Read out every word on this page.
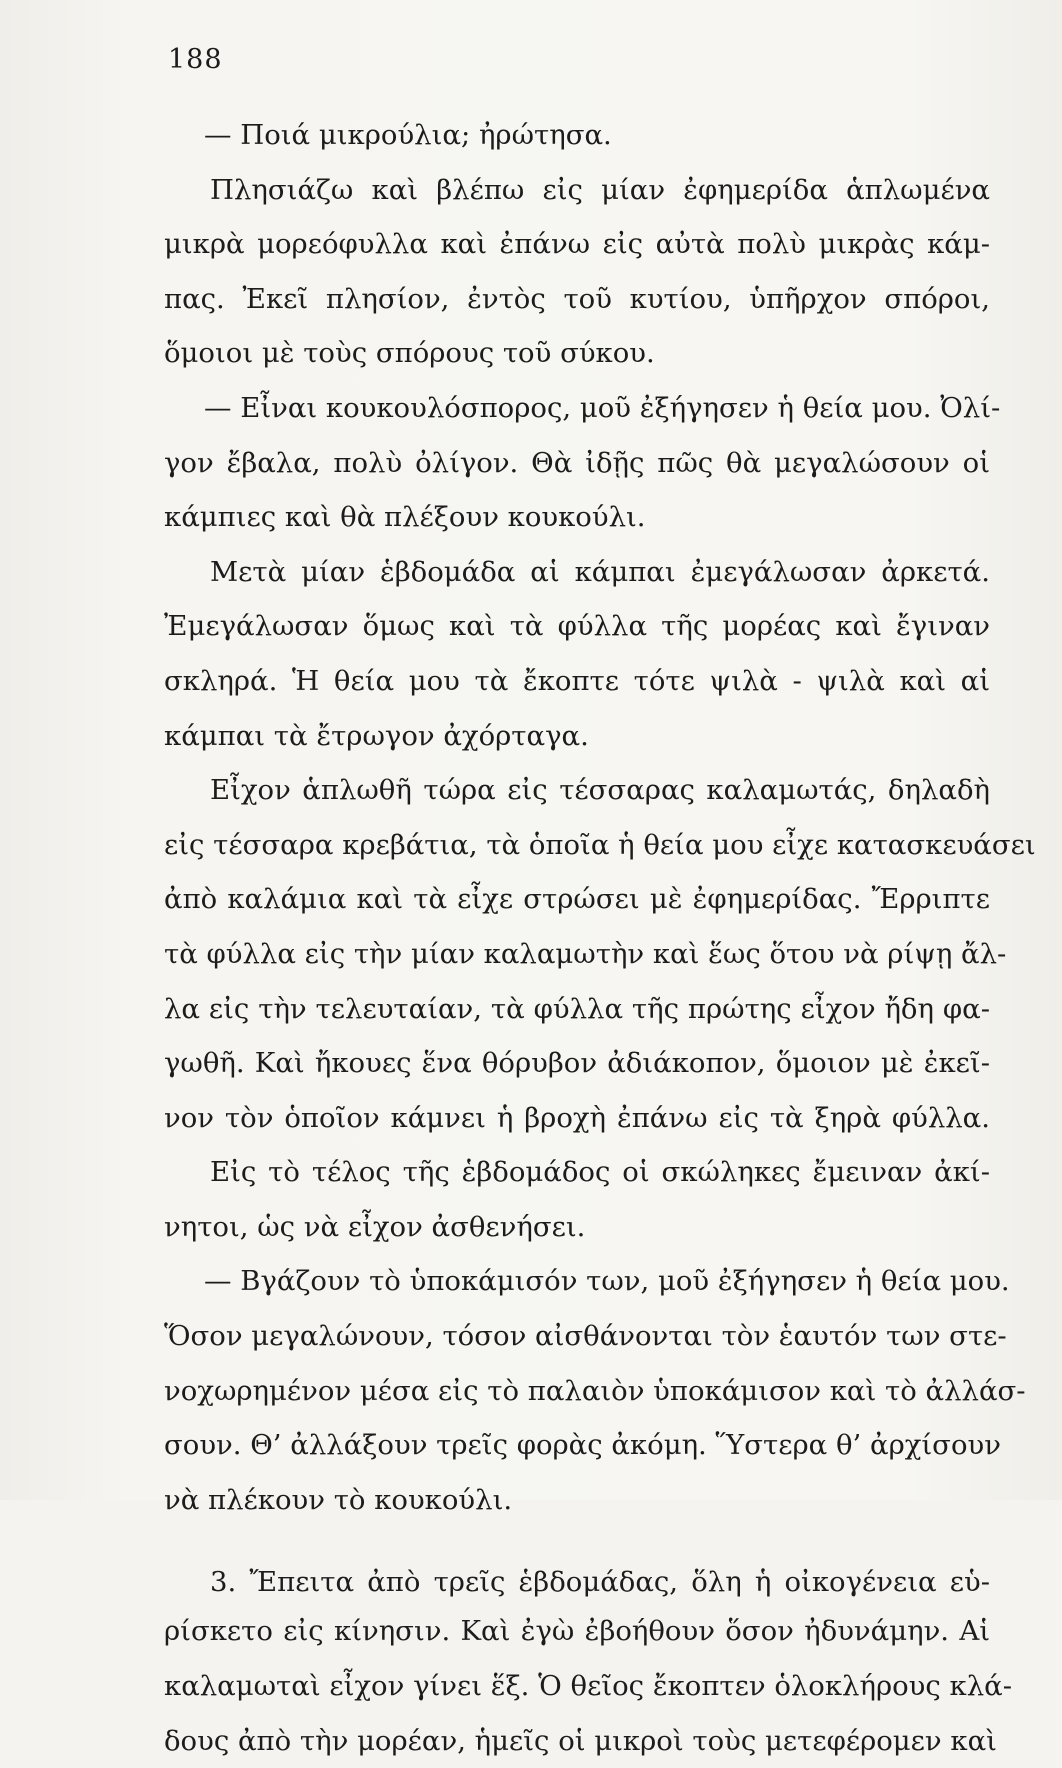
188
— Ποιά μικρούλια; ἠρώτησα.
Πλησιάζω καὶ βλέπω εἰς μίαν ἐφημερίδα ἁπλωμένα
μικρὰ μορεόφυλλα καὶ ἐπάνω εἰς αὐτὰ πολὺ μικρὰς κάμ-
πας. Ἐκεῖ πλησίον, ἐντὸς τοῦ κυτίου, ὑπῆρχον σπόροι,
ὅμοιοι μὲ τοὺς σπόρους τοῦ σύκου.
— Εἶναι κουκουλόσπορος, μοῦ ἐξήγησεν ἡ θεία μου. Ὀλί-
γον ἔβαλα, πολὺ ὀλίγον. Θὰ ἰδῇς πῶς θὰ μεγαλώσουν οἱ
κάμπιες καὶ θὰ πλέξουν κουκούλι.
Μετὰ μίαν ἑβδομάδα αἱ κάμπαι ἐμεγάλωσαν ἀρκετά.
Ἐμεγάλωσαν ὅμως καὶ τὰ φύλλα τῆς μορέας καὶ ἔγιναν
σκληρά. Ἡ θεία μου τὰ ἔκοπτε τότε ψιλὰ - ψιλὰ καὶ αἱ
κάμπαι τὰ ἔτρωγον ἀχόρταγα.
Εἶχον ἁπλωθῆ τώρα εἰς τέσσαρας καλαμωτάς, δηλαδὴ
εἰς τέσσαρα κρεβάτια, τὰ ὁποῖα ἡ θεία μου εἶχε κατασκευάσει
ἀπὸ καλάμια καὶ τὰ εἶχε στρώσει μὲ ἐφημερίδας. Ἔρριπτε
τὰ φύλλα εἰς τὴν μίαν καλαμωτὴν καὶ ἕως ὅτου νὰ ρίψῃ ἄλ-
λα εἰς τὴν τελευταίαν, τὰ φύλλα τῆς πρώτης εἶχον ἤδη φα-
γωθῆ. Καὶ ἤκουες ἕνα θόρυβον ἀδιάκοπον, ὅμοιον μὲ ἐκεῖ-
νον τὸν ὁποῖον κάμνει ἡ βροχὴ ἐπάνω εἰς τὰ ξηρὰ φύλλα.
Εἰς τὸ τέλος τῆς ἑβδομάδος οἱ σκώληκες ἔμειναν ἀκί-
νητοι, ὡς νὰ εἶχον ἀσθενήσει.
— Βγάζουν τὸ ὑποκάμισόν των, μοῦ ἐξήγησεν ἡ θεία μου.
Ὅσον μεγαλώνουν, τόσον αἰσθάνονται τὸν ἑαυτόν των στε-
νοχωρημένον μέσα εἰς τὸ παλαιὸν ὑποκάμισον καὶ τὸ ἀλλάσ-
σουν. Θ’ ἀλλάξουν τρεῖς φορὰς ἀκόμη. Ὕστερα θ’ ἀρχίσουν
νὰ πλέκουν τὸ κουκούλι.
3. Ἔπειτα ἀπὸ τρεῖς ἑβδομάδας, ὅλη ἡ οἰκογένεια εὑ-
ρίσκετο εἰς κίνησιν. Καὶ ἐγὼ ἐβοήθουν ὅσον ἠδυνάμην. Αἱ
καλαμωταὶ εἶχον γίνει ἕξ. Ὁ θεῖος ἔκοπτεν ὁλοκλήρους κλά-
δους ἀπὸ τὴν μορέαν, ἡμεῖς οἱ μικροὶ τοὺς μετεφέρομεν καὶ
